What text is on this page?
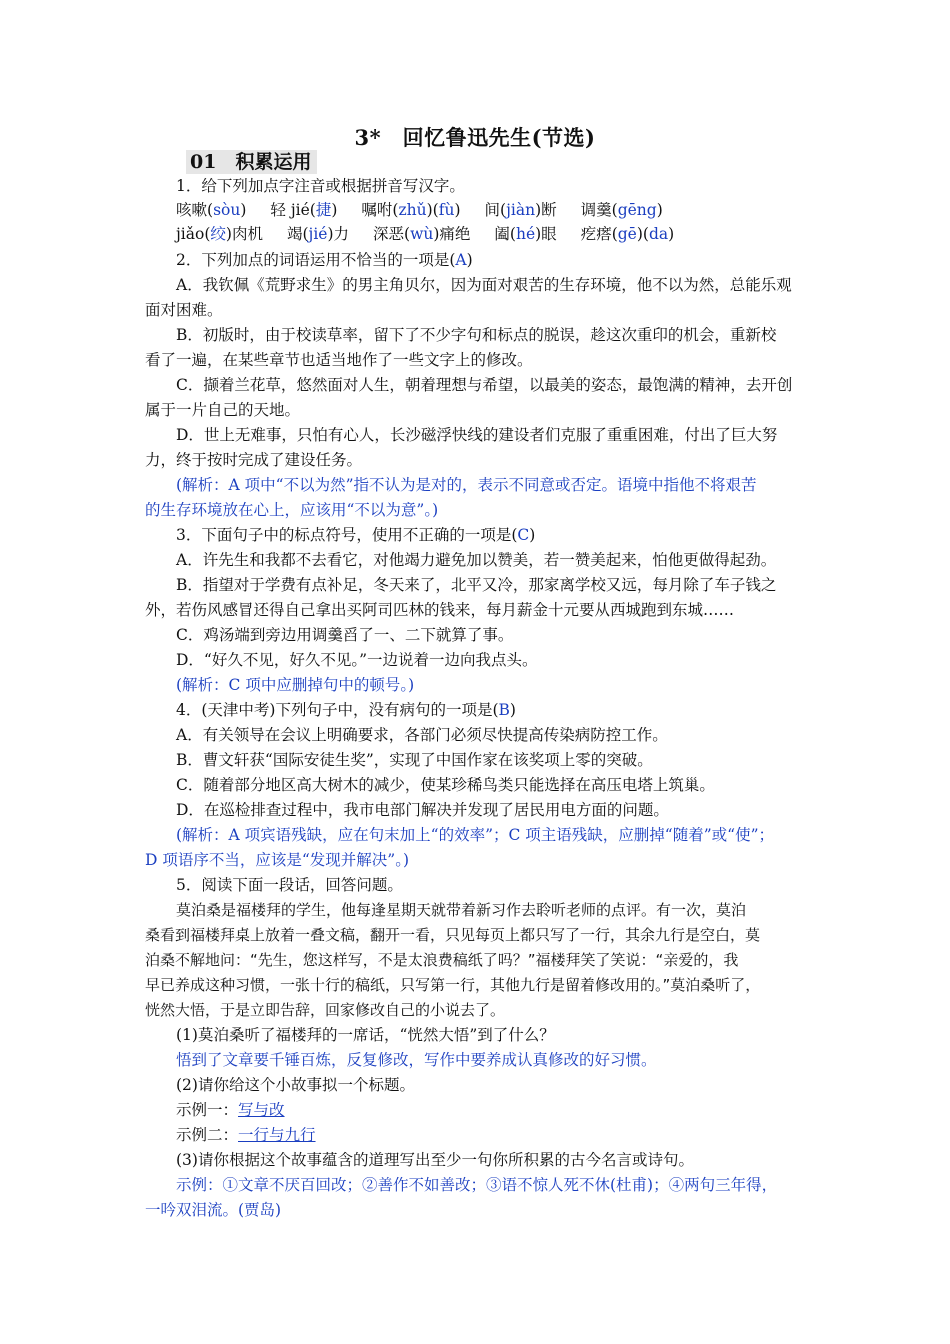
3*　回忆鲁迅先生(节选)
01　积累运用
1．给下列加点字注音或根据拼音写汉字。
咳嗽(sòu) 轻 jié(捷) 嘱咐(zhǔ)(fù) 间(jiàn)断 调羹(gēng)
jiǎo(绞)肉机 竭(jié)力 深恶(wù)痛绝 阖(hé)眼 疙瘩(gē)(da)
2．下列加点的词语运用不恰当的一项是(A)
A．我钦佩《荒野求生》的男主角贝尔，因为面对艰苦的生存环境，他不以为然，总能乐观
面对困难。
B．初版时，由于校读草率，留下了不少字句和标点的脱误，趁这次重印的机会，重新校
看了一遍，在某些章节也适当地作了一些文字上的修改。
C．撷着兰花草，悠然面对人生，朝着理想与希望，以最美的姿态，最饱满的精神，去开创
属于一片自己的天地。
D．世上无难事，只怕有心人，长沙磁浮快线的建设者们克服了重重困难，付出了巨大努
力，终于按时完成了建设任务。
(解析：A 项中“不以为然”指不认为是对的，表示不同意或否定。语境中指他不将艰苦
的生存环境放在心上，应该用“不以为意”。)
3．下面句子中的标点符号，使用不正确的一项是(C)
A．许先生和我都不去看它，对他竭力避免加以赞美，若一赞美起来，怕他更做得起劲。
B．指望对于学费有点补足，冬天来了，北平又冷，那家离学校又远，每月除了车子钱之
外，若伤风感冒还得自己拿出买阿司匹林的钱来，每月薪金十元要从西城跑到东城……
C．鸡汤端到旁边用调羹舀了一、二下就算了事。
D．“好久不见，好久不见。”一边说着一边向我点头。
(解析：C 项中应删掉句中的顿号。)
4．(天津中考)下列句子中，没有病句的一项是(B)
A．有关领导在会议上明确要求，各部门必须尽快提高传染病防控工作。
B．曹文轩获“国际安徒生奖”，实现了中国作家在该奖项上零的突破。
C．随着部分地区高大树木的减少，使某珍稀鸟类只能选择在高压电塔上筑巢。
D．在巡检排查过程中，我市电部门解决并发现了居民用电方面的问题。
(解析：A 项宾语残缺，应在句末加上“的效率”；C 项主语残缺，应删掉“随着”或“使”；
D 项语序不当，应该是“发现并解决”。)
5．阅读下面一段话，回答问题。
莫泊桑是福楼拜的学生，他每逢星期天就带着新习作去聆听老师的点评。有一次，莫泊
桑看到福楼拜桌上放着一叠文稿，翻开一看，只见每页上都只写了一行，其余九行是空白，莫
泊桑不解地问：“先生，您这样写，不是太浪费稿纸了吗？”福楼拜笑了笑说：“亲爱的，我
早已养成这种习惯，一张十行的稿纸，只写第一行，其他九行是留着修改用的。”莫泊桑听了，
恍然大悟，于是立即告辞，回家修改自己的小说去了。
(1)莫泊桑听了福楼拜的一席话，“恍然大悟”到了什么？
悟到了文章要千锤百炼，反复修改，写作中要养成认真修改的好习惯。
(2)请你给这个小故事拟一个标题。
示例一：写与改
示例二：一行与九行
(3)请你根据这个故事蕴含的道理写出至少一句你所积累的古今名言或诗句。
示例：①文章不厌百回改；②善作不如善改；③语不惊人死不休(杜甫)；④两句三年得，
一吟双泪流。(贾岛)
